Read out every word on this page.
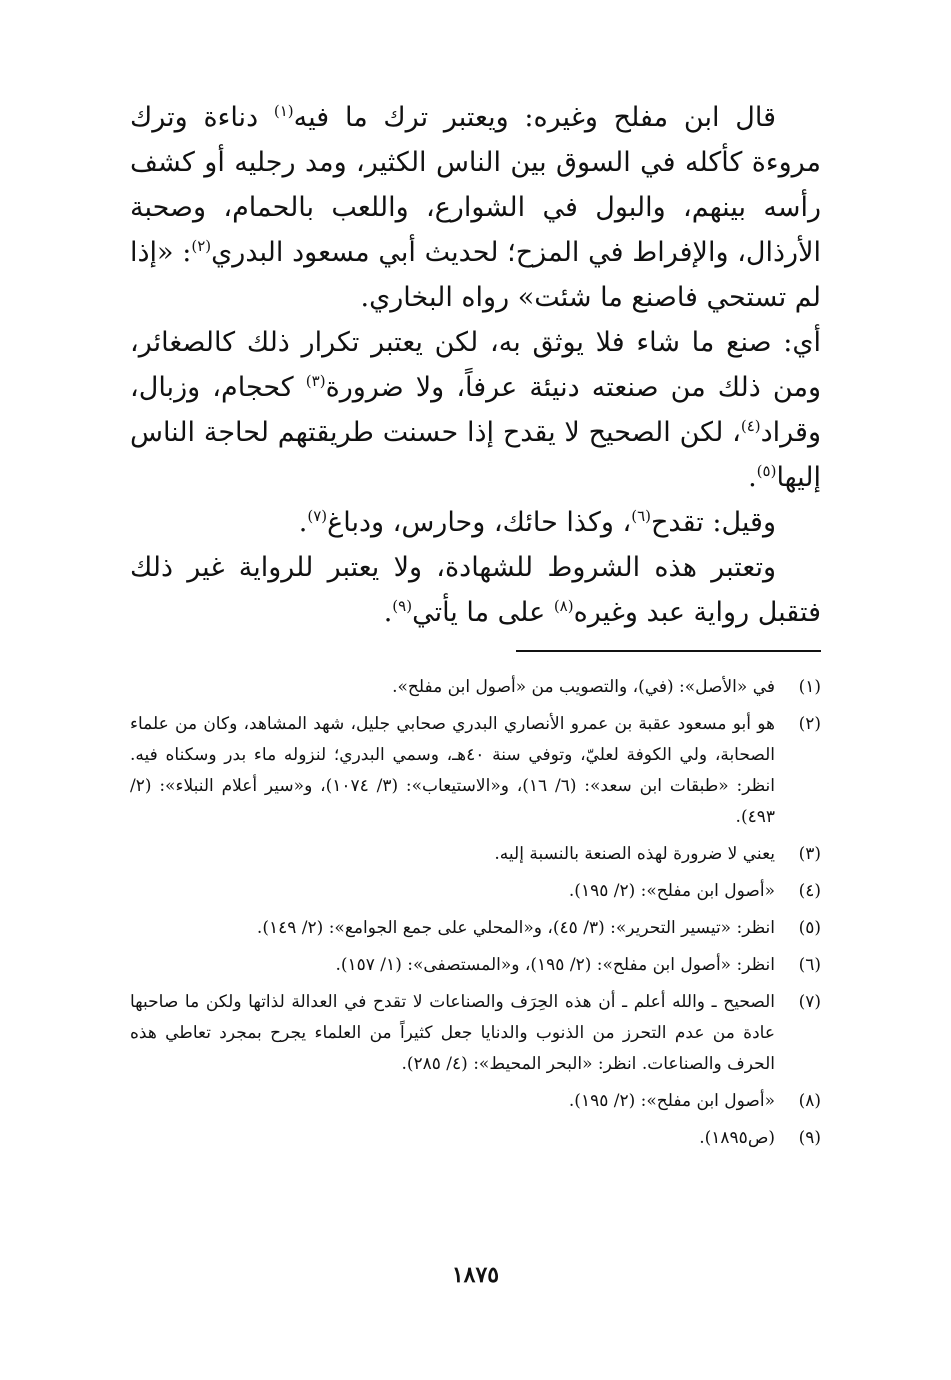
قال ابن مفلح وغيره: ويعتبر ترك ما فيه$^{(١)}$ دناءة وترك مروءة كأكله في السوق بين الناس الكثير، ومد رجليه أو كشف رأسه بينهم، والبول في الشوارع، واللعب بالحمام، وصحبة الأرذال، والإفراط في المزح؛ لحديث أبي مسعود البدري$^{(٢)}$: «إذا لم تستحي فاصنع ما شئت» رواه البخاري.

أي: صنع ما شاء فلا يوثق به، لكن يعتبر تكرار ذلك كالصغائر، ومن ذلك من صنعته دنيئة عرفاً، ولا ضرورة$^{(٣)}$ كحجام، وزبال، وقراد$^{(٤)}$، لكن الصحيح لا يقدح إذا حسنت طريقتهم لحاجة الناس إليها$^{(٥)}$.

وقيل: تقدح$^{(٦)}$، وكذا حائك، وحارس، ودباغ$^{(٧)}$.

وتعتبر هذه الشروط للشهادة، ولا يعتبر للرواية غير ذلك فتقبل رواية عبد وغيره$^{(٨)}$ على ما يأتي$^{(٩)}$.

(١)
في «الأصل»: (في)، والتصويب من «أصول ابن مفلح».
(٢)
هو أبو مسعود عقبة بن عمرو الأنصاري البدري صحابي جليل، شهد المشاهد، وكان من علماء الصحابة، ولي الكوفة لعليّ، وتوفي سنة ٤٠هـ، وسمي البدري؛ لنزوله ماء بدر وسكناه فيه. انظر: «طبقات ابن سعد»: (٦/ ١٦)، و«الاستيعاب»: (٣/ ١٠٧٤)، و«سير أعلام النبلاء»: (٢/ ٤٩٣).
(٣)
يعني لا ضرورة لهذه الصنعة بالنسبة إليه.
(٤)
«أصول ابن مفلح»: (٢/ ١٩٥).
(٥)
انظر: «تيسير التحرير»: (٣/ ٤٥)، و«المحلي على جمع الجوامع»: (٢/ ١٤٩).
(٦)
انظر: «أصول ابن مفلح»: (٢/ ١٩٥)، و«المستصفى»: (١/ ١٥٧).
(٧)
الصحيح ـ والله أعلم ـ أن هذه الحِرَف والصناعات لا تقدح في العدالة لذاتها ولكن ما صاحبها عادة من عدم التحرز من الذنوب والدنايا جعل كثيراً من العلماء يجرح بمجرد تعاطي هذه الحرف والصناعات. انظر: «البحر المحيط»: (٤/ ٢٨٥).
(٨)
«أصول ابن مفلح»: (٢/ ١٩٥).
(٩)
(ص١٨٩٥).
١٨٧٥
